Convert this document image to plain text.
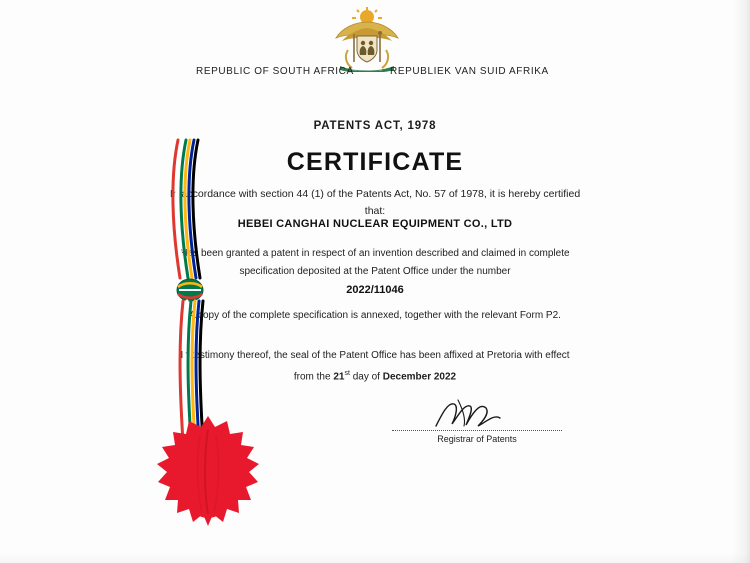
!KE E: /XARRA //KE
REPUBLIC OF SOUTH AFRICA	REPUBLIEK VAN SUID AFRIKA
PATENTS ACT, 1978
CERTIFICATE
In accordance with section 44 (1) of the Patents Act, No. 57 of 1978, it is hereby certified
that:
HEBEI CANGHAI NUCLEAR EQUIPMENT CO., LTD
Has been granted a patent in respect of an invention described and claimed in complete
specification deposited at the Patent Office under the number
2022/11046
A copy of the complete specification is annexed, together with the relevant Form P2.
In testimony thereof, the seal of the Patent Office has been affixed at Pretoria with effect
from the 21st day of December 2022
Registrar of Patents
